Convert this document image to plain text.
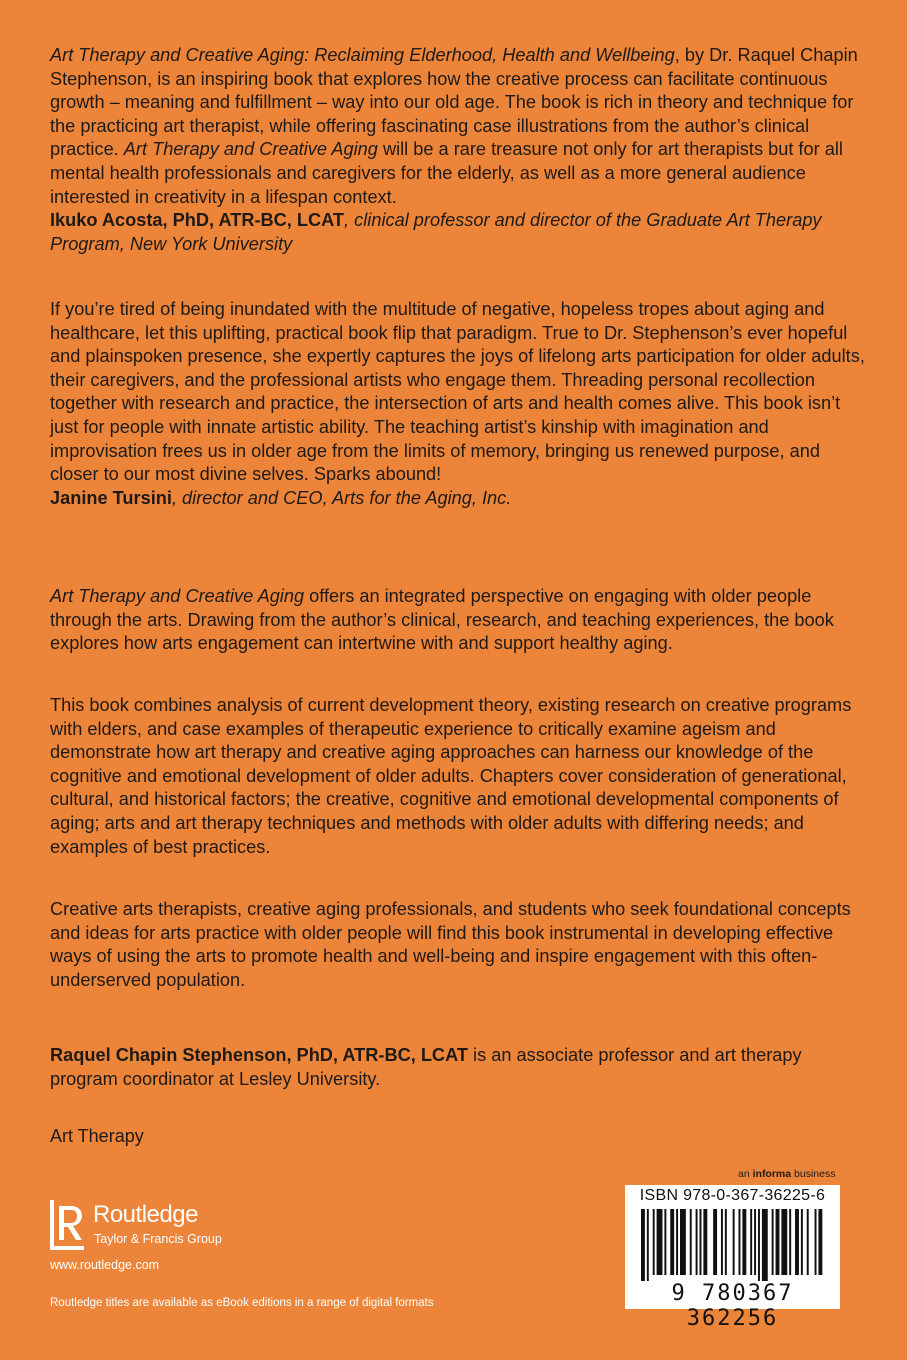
Art Therapy and Creative Aging: Reclaiming Elderhood, Health and Wellbeing, by Dr. Raquel Chapin Stephenson, is an inspiring book that explores how the creative process can facilitate continuous growth – meaning and fulfillment – way into our old age. The book is rich in theory and technique for the practicing art therapist, while offering fascinating case illustrations from the author’s clinical practice. Art Therapy and Creative Aging will be a rare treasure not only for art therapists but for all mental health professionals and caregivers for the elderly, as well as a more general audience interested in creativity in a lifespan context.

Ikuko Acosta, PhD, ATR-BC, LCAT, clinical professor and director of the Graduate Art Therapy Program, New York University

If you’re tired of being inundated with the multitude of negative, hopeless tropes about aging and healthcare, let this uplifting, practical book flip that paradigm. True to Dr. Stephenson’s ever hopeful and plainspoken presence, she expertly captures the joys of lifelong arts participation for older adults, their caregivers, and the professional artists who engage them. Threading personal recollection together with research and practice, the intersection of arts and health comes alive. This book isn’t just for people with innate artistic ability. The teaching artist’s kinship with imagination and improvisation frees us in older age from the limits of memory, bringing us renewed purpose, and closer to our most divine selves. Sparks abound!

Janine Tursini, director and CEO, Arts for the Aging, Inc.

Art Therapy and Creative Aging offers an integrated perspective on engaging with older people through the arts. Drawing from the author’s clinical, research, and teaching experiences, the book explores how arts engagement can intertwine with and support healthy aging.

This book combines analysis of current development theory, existing research on creative programs with elders, and case examples of therapeutic experience to critically examine ageism and demonstrate how art therapy and creative aging approaches can harness our knowledge of the cognitive and emotional development of older adults. Chapters cover consideration of generational, cultural, and historical factors; the creative, cognitive and emotional developmental components of aging; arts and art therapy techniques and methods with older adults with differing needs; and examples of best practices.

Creative arts therapists, creative aging professionals, and students who seek foundational concepts and ideas for arts practice with older people will find this book instrumental in developing effective ways of using the arts to promote health and well-being and inspire engagement with this often-underserved population.

Raquel Chapin Stephenson, PhD, ATR-BC, LCAT is an associate professor and art therapy program coordinator at Lesley University.

Art Therapy
an informa business
ISBN 978-0-367-36225-6
9 780367 362256
Routledge
Taylor & Francis Group
www.routledge.com
Routledge titles are available as eBook editions in a range of digital formats
